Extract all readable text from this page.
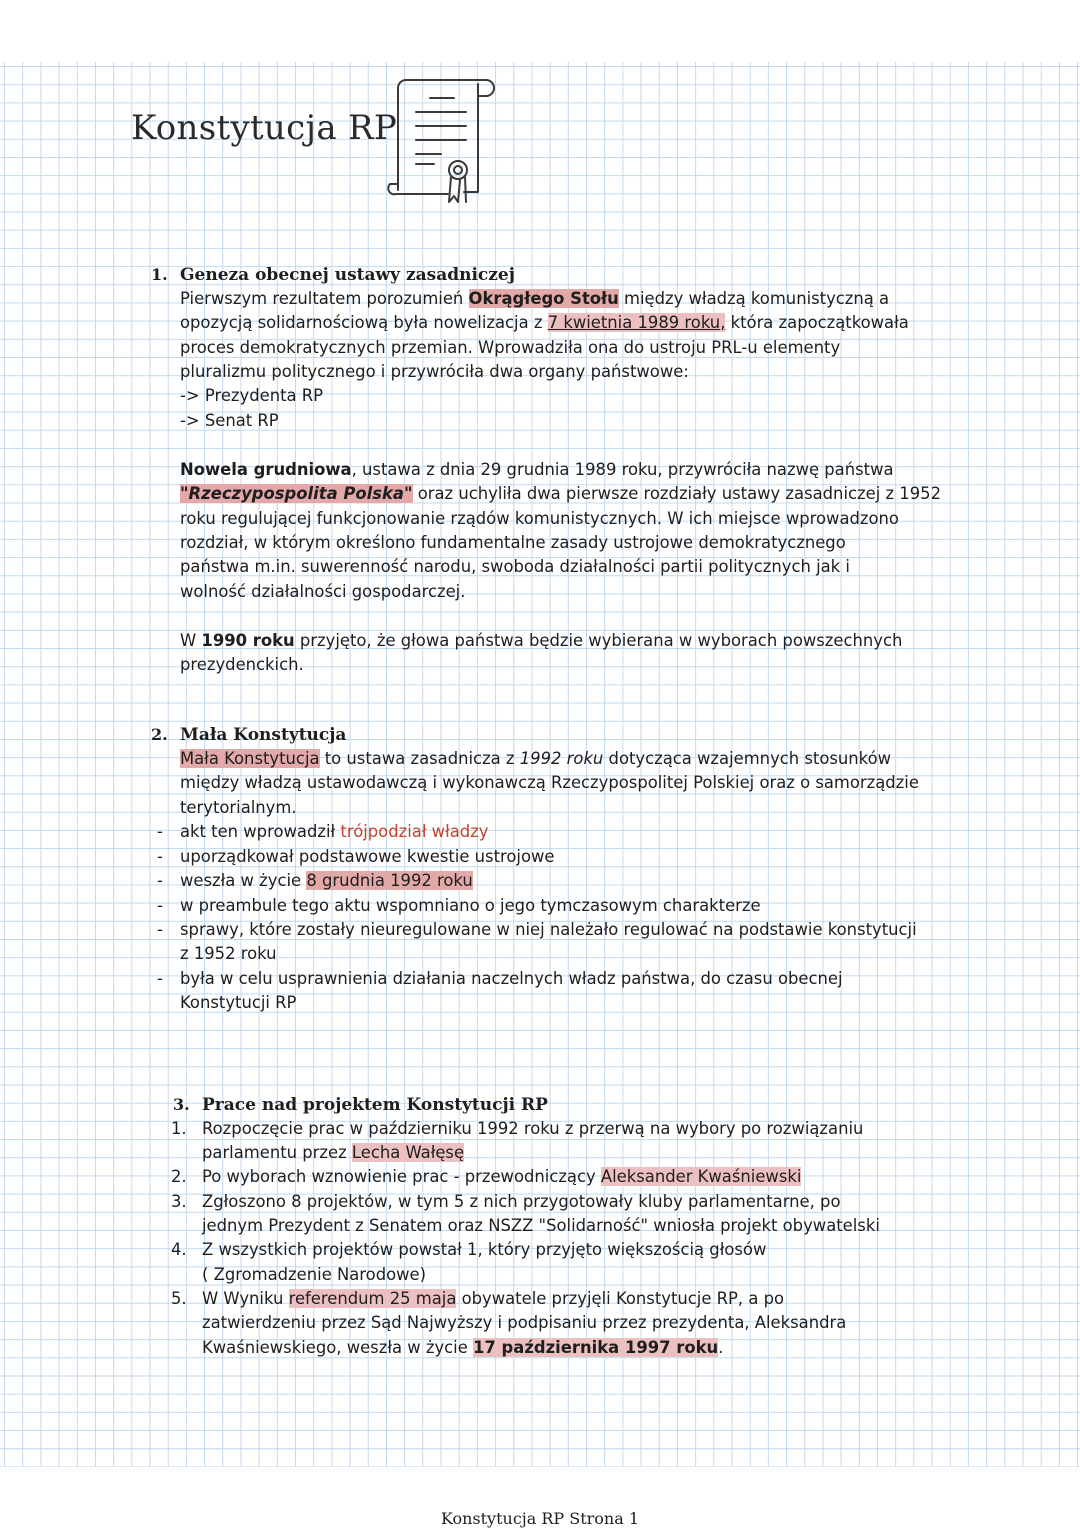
Konstytucja RP
1. Geneza obecnej ustawy zasadniczej
Pierwszym rezultatem porozumień Okrągłego Stołu między władzą komunistyczną a
opozycją solidarnościową była nowelizacja z 7 kwietnia 1989 roku, która zapoczątkowała
proces demokratycznych przemian. Wprowadziła ona do ustroju PRL-u elementy
pluralizmu politycznego i przywróciła dwa organy państwowe:
-> Prezydenta RP
-> Senat RP
Nowela grudniowa, ustawa z dnia 29 grudnia 1989 roku, przywróciła nazwę państwa
"Rzeczypospolita Polska" oraz uchyliła dwa pierwsze rozdziały ustawy zasadniczej z 1952
roku regulującej funkcjonowanie rządów komunistycznych. W ich miejsce wprowadzono
rozdział, w którym określono fundamentalne zasady ustrojowe demokratycznego
państwa m.in. suwerenność narodu, swoboda działalności partii politycznych jak i
wolność działalności gospodarczej.
W 1990 roku przyjęto, że głowa państwa będzie wybierana w wyborach powszechnych
prezydenckich.
2. Mała Konstytucja
Mała Konstytucja to ustawa zasadnicza z 1992 roku dotycząca wzajemnych stosunków
między władzą ustawodawczą i wykonawczą Rzeczypospolitej Polskiej oraz o samorządzie
terytorialnym.
- akt ten wprowadził trójpodział władzy
- uporządkował podstawowe kwestie ustrojowe
- weszła w życie 8 grudnia 1992 roku
- w preambule tego aktu wspomniano o jego tymczasowym charakterze
- sprawy, które zostały nieuregulowane w niej należało regulować na podstawie konstytucji
z 1952 roku
- była w celu usprawnienia działania naczelnych władz państwa, do czasu obecnej
Konstytucji RP
3. Prace nad projektem Konstytucji RP
1. Rozpoczęcie prac w październiku 1992 roku z przerwą na wybory po rozwiązaniu
parlamentu przez Lecha Wałęsę
2. Po wyborach wznowienie prac - przewodniczący Aleksander Kwaśniewski
3. Zgłoszono 8 projektów, w tym 5 z nich przygotowały kluby parlamentarne, po
jednym Prezydent z Senatem oraz NSZZ "Solidarność" wniosła projekt obywatelski
4. Z wszystkich projektów powstał 1, który przyjęto większością głosów
( Zgromadzenie Narodowe)
5. W Wyniku referendum 25 maja obywatele przyjęli Konstytucje RP, a po
zatwierdzeniu przez Sąd Najwyższy i podpisaniu przez prezydenta, Aleksandra
Kwaśniewskiego, weszła w życie 17 października 1997 roku.
Konstytucja RP Strona 1
